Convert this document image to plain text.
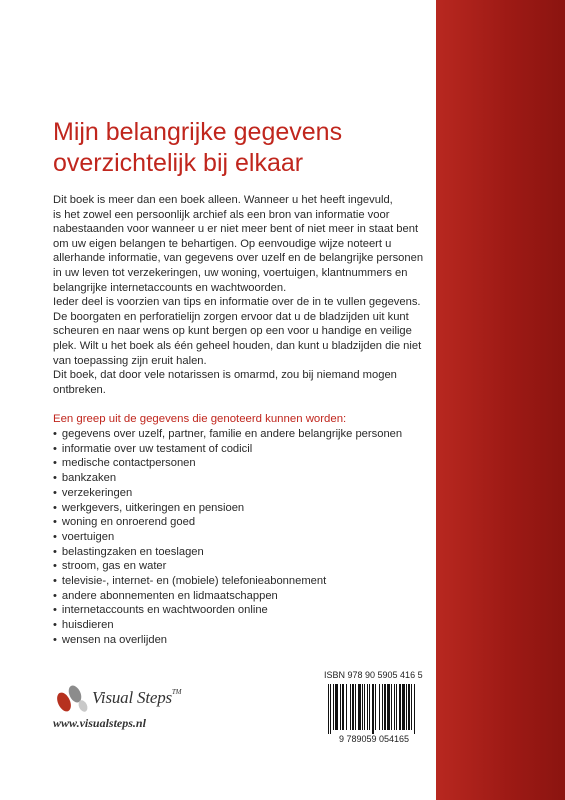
Mijn belangrijke gegevens
overzichtelijk bij elkaar
Dit boek is meer dan een boek alleen. Wanneer u het heeft ingevuld,
is het zowel een persoonlijk archief als een bron van informatie voor
nabestaanden voor wanneer u er niet meer bent of niet meer in staat bent
om uw eigen belangen te behartigen. Op eenvoudige wijze noteert u
allerhande informatie, van gegevens over uzelf en de belangrijke personen
in uw leven tot verzekeringen, uw woning, voertuigen, klantnummers en
belangrijke internetaccounts en wachtwoorden.
Ieder deel is voorzien van tips en informatie over de in te vullen gegevens.
De boorgaten en perforatielijn zorgen ervoor dat u de bladzijden uit kunt
scheuren en naar wens op kunt bergen op een voor u handige en veilige
plek. Wilt u het boek als één geheel houden, dan kunt u bladzijden die niet
van toepassing zijn eruit halen.
Dit boek, dat door vele notarissen is omarmd, zou bij niemand mogen
ontbreken.
Een greep uit de gegevens die genoteerd kunnen worden:
• gegevens over uzelf, partner, familie en andere belangrijke personen
• informatie over uw testament of codicil
• medische contactpersonen
• bankzaken
• verzekeringen
• werkgevers, uitkeringen en pensioen
• woning en onroerend goed
• voertuigen
• belastingzaken en toeslagen
• stroom, gas en water
• televisie-, internet- en (mobiele) telefonieabonnement
• andere abonnementen en lidmaatschappen
• internetaccounts en wachtwoorden online
• huisdieren
• wensen na overlijden
Visual Steps™
www.visualsteps.nl
ISBN 978 90 5905 416 5
9 789059 054165
